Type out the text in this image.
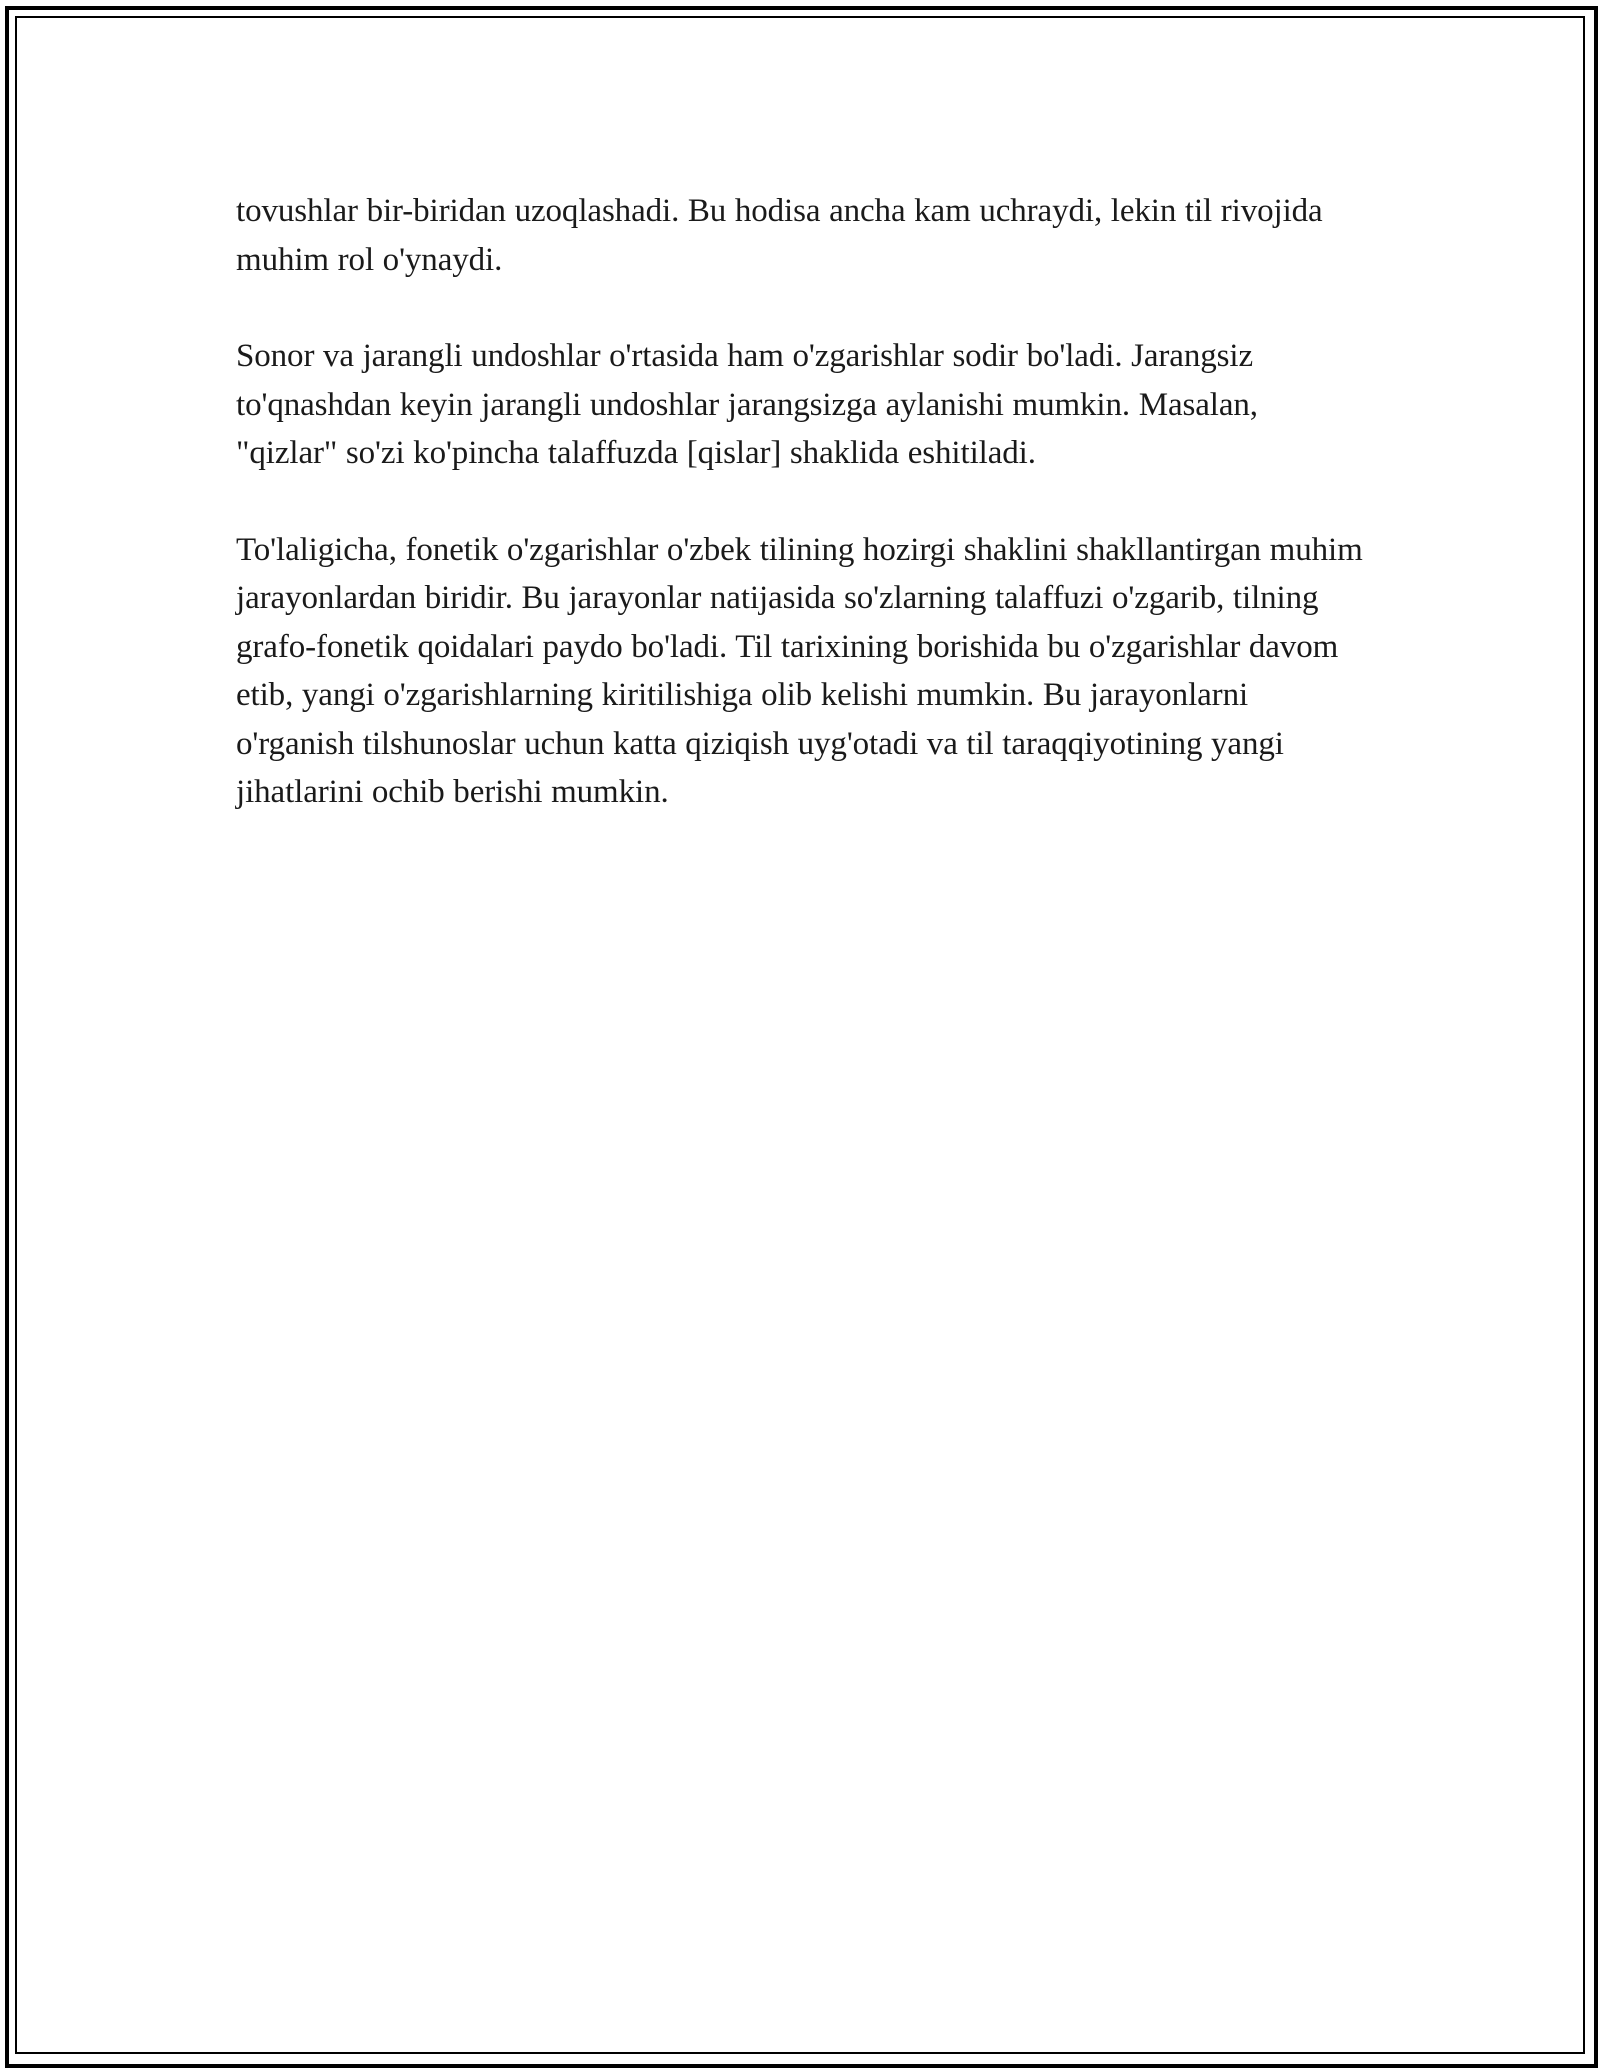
tovushlar bir-biridan uzoqlashadi. Bu hodisa ancha kam uchraydi, lekin til rivojida muhim rol o'ynaydi.

Sonor va jarangli undoshlar o'rtasida ham o'zgarishlar sodir bo'ladi. Jarangsiz to'qnashdan keyin jarangli undoshlar jarangsizga aylanishi mumkin. Masalan, "qizlar" so'zi ko'pincha talaffuzda [qislar] shaklida eshitiladi.

To'laligicha, fonetik o'zgarishlar o'zbek tilining hozirgi shaklini shakllantirgan muhim jarayonlardan biridir. Bu jarayonlar natijasida so'zlarning talaffuzi o'zgarib, tilning grafo-fonetik qoidalari paydo bo'ladi. Til tarixining borishida bu o'zgarishlar davom etib, yangi o'zgarishlarning kiritilishiga olib kelishi mumkin. Bu jarayonlarni o'rganish tilshunoslar uchun katta qiziqish uyg'otadi va til taraqqiyotining yangi jihatlarini ochib berishi mumkin.
